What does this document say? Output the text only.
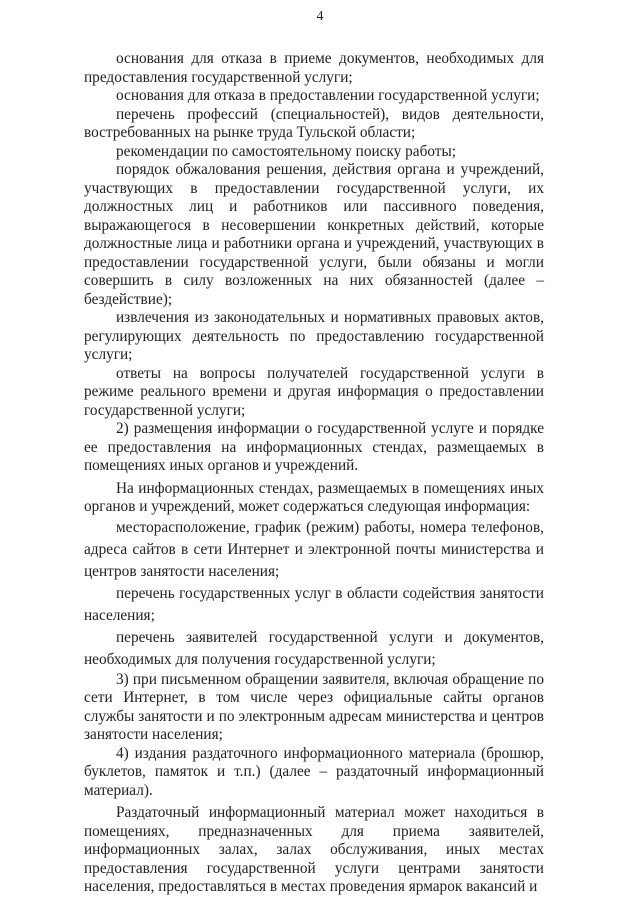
4

основания для отказа в приеме документов, необходимых для предоставления государственной услуги;

основания для отказа в предоставлении государственной услуги;

перечень профессий (специальностей), видов деятельности, востребованных на рынке труда Тульской области;

рекомендации по самостоятельному поиску работы;

порядок обжалования решения, действия органа и учреждений, участвующих в предоставлении государственной услуги, их должностных лиц и работников или пассивного поведения, выражающегося в несовершении конкретных действий, которые должностные лица и работники органа и учреждений, участвующих в предоставлении государственной услуги, были обязаны и могли совершить в силу возложенных на них обязанностей (далее – бездействие);

извлечения из законодательных и нормативных правовых актов, регулирующих деятельность по предоставлению государственной услуги;

ответы на вопросы получателей государственной услуги в режиме реального времени и другая информация о предоставлении государственной услуги;

2) размещения информации о государственной услуге и порядке ее предоставления на информационных стендах, размещаемых в помещениях иных органов и учреждений.

На информационных стендах, размещаемых в помещениях иных органов и учреждений, может содержаться следующая информация:

месторасположение, график (режим) работы, номера телефонов, адреса сайтов в сети Интернет и электронной почты министерства и центров занятости населения;

перечень государственных услуг в области содействия занятости населения;

перечень заявителей государственной услуги и документов, необходимых для получения государственной услуги;

3) при письменном обращении заявителя, включая обращение по сети Интернет, в том числе через официальные сайты органов службы занятости и по электронным адресам министерства и центров занятости населения;

4) издания раздаточного информационного материала (брошюр, буклетов, памяток и т.п.) (далее – раздаточный информационный материал).

Раздаточный информационный материал может находиться в помещениях, предназначенных для приема заявителей, информационных залах, залах обслуживания, иных местах предоставления государственной услуги центрами занятости населения, предоставляться в местах проведения ярмарок вакансий и
